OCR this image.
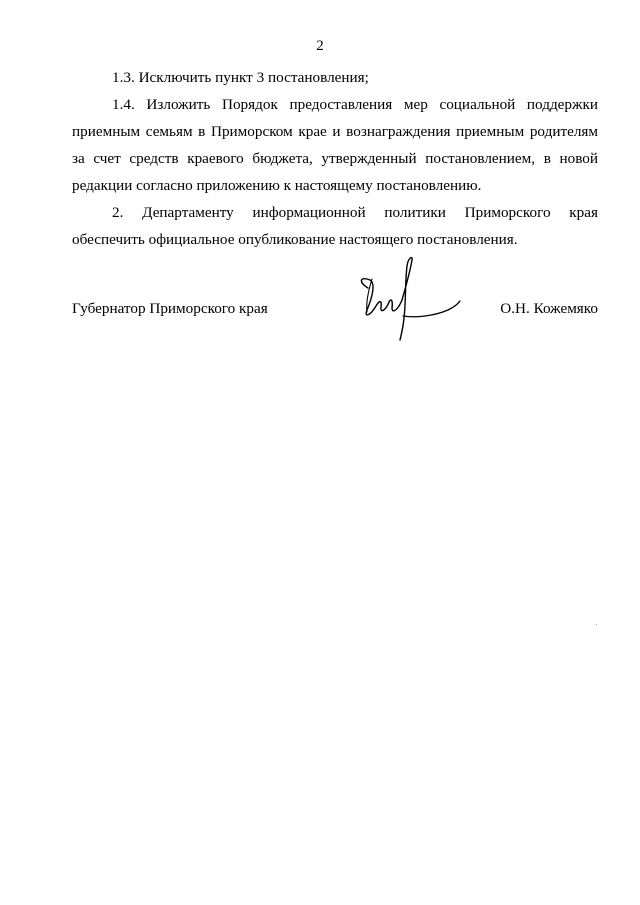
2

1.3. Исключить пункт 3 постановления;

1.4. Изложить Порядок предоставления мер социальной поддержки приемным семьям в Приморском крае и вознаграждения приемным родителям за счет средств краевого бюджета, утвержденный постановлением, в новой редакции согласно приложению к настоящему постановлению.

2. Департаменту информационной политики Приморского края обеспечить официальное опубликование настоящего постановления.

Губернатор Приморского края	О.Н. Кожемяко
